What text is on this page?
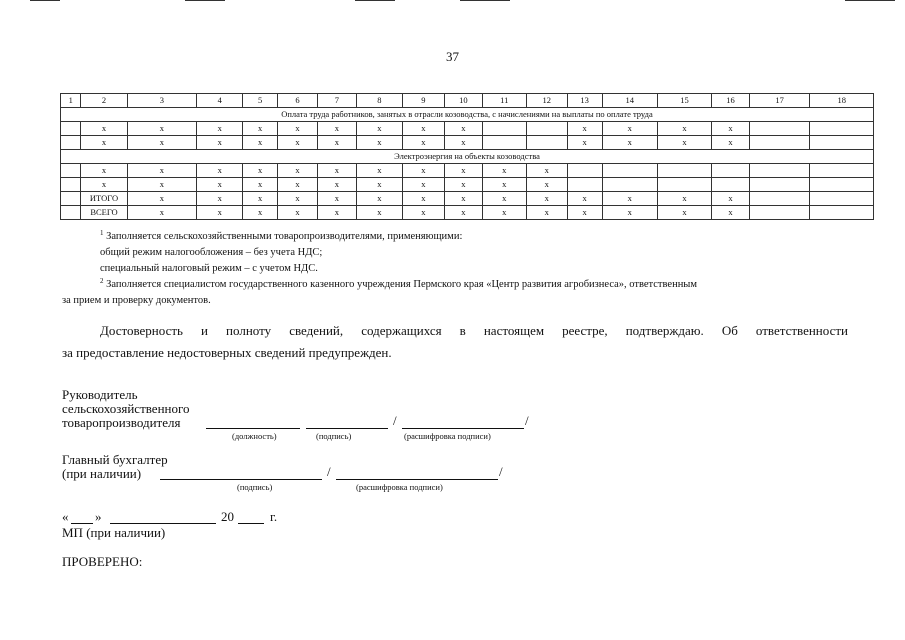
37
1	2	3	4	5	6	7	8	9	10	11	12	13	14	15	16	17	18
Оплата труда работников, занятых в отрасли козоводства, с начислениями на выплаты по оплате труда																	
	x	x	x	x	x	x	x	x	x			x	x	x	x		
	x	x	x	x	x	x	x	x	x			x	x	x	x		
Электроэнергия на объекты козоводства																	
	x	x	x	x	x	x	x	x	x	x	x						
	x	x	x	x	x	x	x	x	x	x	x						
	ИТОГО	x	x	x	x	x	x	x	x	x	x	x	x	x	x		
	ВСЕГО	x	x	x	x	x	x	x	x	x	x	x	x	x	x		

$^1$ Заполняется сельскохозяйственными товаропроизводителями, применяющими:

общий режим налогообложения – без учета НДС;

специальный налоговый режим – с учетом НДС.

$^2$ Заполняется специалистом государственного казенного учреждения Пермского края «Центр развития агробизнеса», ответственным

за прием и проверку документов.

Достоверность и полноту сведений, содержащихся в настоящем реестре, подтверждаю. Об ответственности
за предоставление недостоверных сведений предупрежден.
Руководитель
сельскохозяйственного
товаропроизводителя	/	/
(должность)	(подпись)	(расшифровка подписи)
Главный бухгалтер
(при наличии)	/	/
(подпись)	(расшифровка подписи)
« »	20	г.
МП (при наличии)
ПРОВЕРЕНО:
